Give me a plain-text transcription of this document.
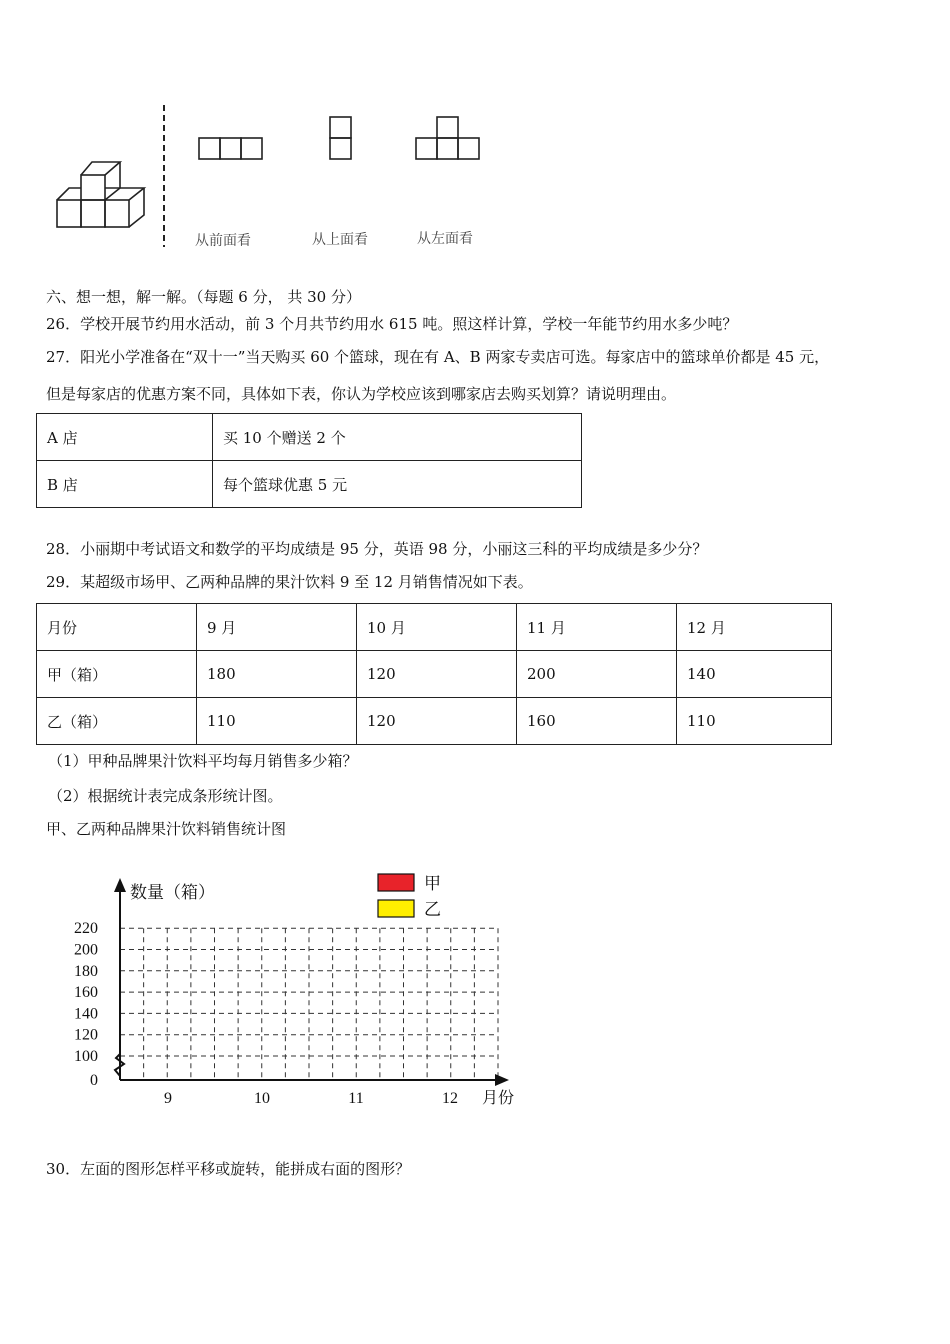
从前面看	从上面看	从左面看
六、想一想，解一解。（每题 6 分， 共 30 分）
26．学校开展节约用水活动，前 3 个月共节约用水 615 吨。照这样计算，学校一年能节约用水多少吨？
27．阳光小学准备在“双十一”当天购买 60 个篮球，现在有 A、B 两家专卖店可选。每家店中的篮球单价都是 45 元，
但是每家店的优惠方案不同，具体如下表，你认为学校应该到哪家店去购买划算？请说明理由。
A 店	买 10 个赠送 2 个
B 店	每个篮球优惠 5 元
28．小丽期中考试语文和数学的平均成绩是 95 分，英语 98 分，小丽这三科的平均成绩是多少分？
29．某超级市场甲、乙两种品牌的果汁饮料 9 至 12 月销售情况如下表。
月份	9 月	10 月	11 月	12 月
甲（箱）	180	120	200	140
乙（箱）	110	120	160	110
（1）甲种品牌果汁饮料平均每月销售多少箱？
（2）根据统计表完成条形统计图。
甲、乙两种品牌果汁饮料销售统计图
数量（箱）
月份
甲
乙
0
100
120
140
160
180
200
220
9	10	11	12
30．左面的图形怎样平移或旋转，能拼成右面的图形？
